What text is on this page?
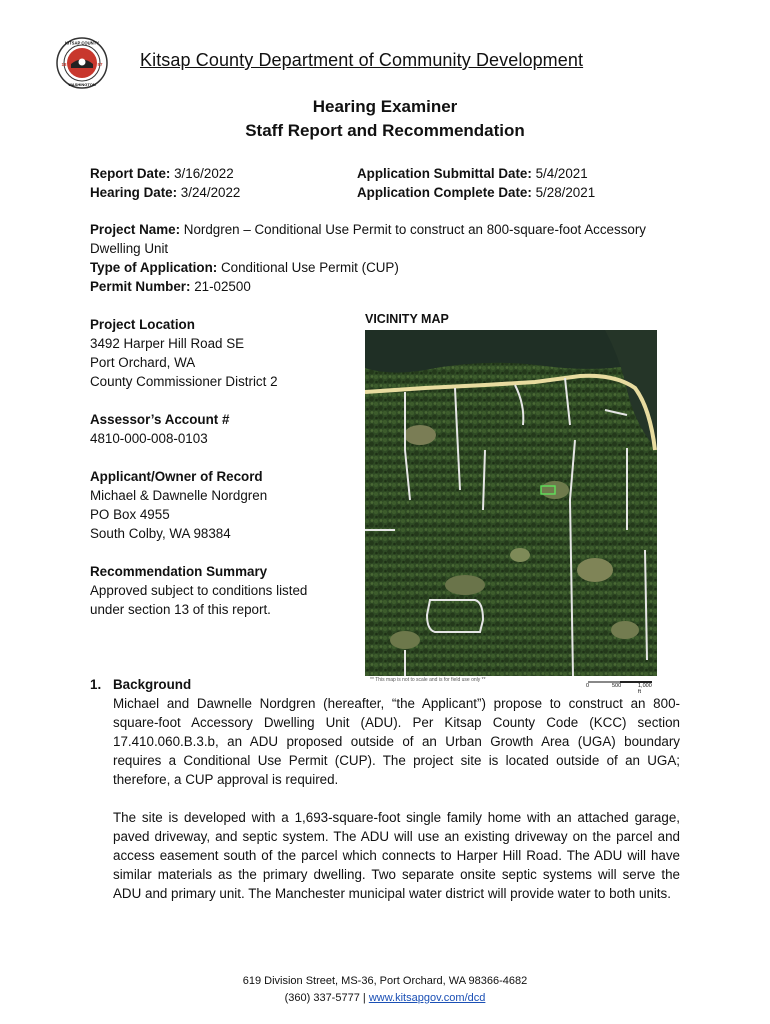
KITSAP COUNTY
WASHINGTON
18	57 Kitsap County Department of Community Development
Hearing Examiner
Staff Report and Recommendation
Report Date: 3/16/2022
Hearing Date: 3/24/2022
Application Submittal Date: 5/4/2021
Application Complete Date: 5/28/2021
Project Name: Nordgren – Conditional Use Permit to construct an 800-square-foot Accessory
Dwelling Unit
Type of Application: Conditional Use Permit (CUP)
Permit Number: 21-02500
Project Location
3492 Harper Hill Road SE
Port Orchard, WA
County Commissioner District 2
Assessor’s Account #
4810-000-008-0103
Applicant/Owner of Record
Michael & Dawnelle Nordgren
PO Box 4955
South Colby, WA 98384
Recommendation Summary
Approved subject to conditions listed
under section 13 of this report.
VICINITY MAP
** This map is not to scale and is for field use only **
0	500	1,000 ft
1. Background
Michael and Dawnelle Nordgren (hereafter, “the Applicant”) propose to construct an 800-square-foot Accessory Dwelling Unit (ADU). Per Kitsap County Code (KCC) section 17.410.060.B.3.b, an ADU proposed outside of an Urban Growth Area (UGA) boundary requires a Conditional Use Permit (CUP). The project site is located outside of an UGA; therefore, a CUP approval is required.
The site is developed with a 1,693-square-foot single family home with an attached garage, paved driveway, and septic system. The ADU will use an existing driveway on the parcel and access easement south of the parcel which connects to Harper Hill Road. The ADU will have similar materials as the primary dwelling. Two separate onsite septic systems will serve the ADU and primary unit. The Manchester municipal water district will provide water to both units.
619 Division Street, MS-36, Port Orchard, WA 98366-4682
(360) 337-5777 | www.kitsapgov.com/dcd
